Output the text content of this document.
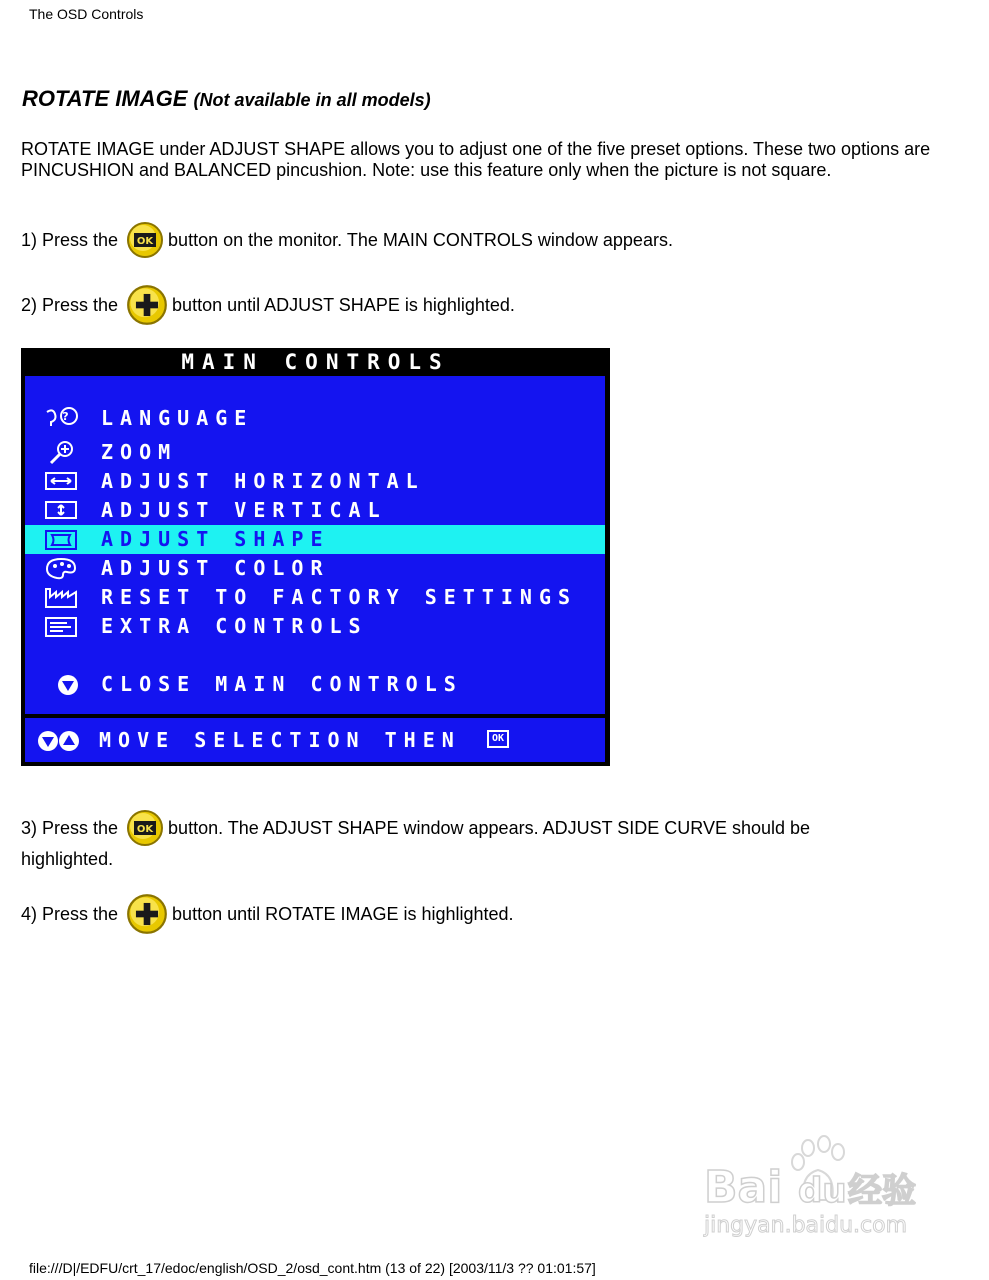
The OSD Controls
ROTATE IMAGE (Not available in all models)
ROTATE IMAGE under ADJUST SHAPE allows you to adjust one of the five preset options. These two options are PINCUSHION and BALANCED pincushion. Note: use this feature only when the picture is not square.
1) Press the OK button on the monitor. The MAIN CONTROLS window appears.
2) Press the	button until ADJUST SHAPE is highlighted.
MAIN CONTROLS
? LANGUAGE
ZOOM
ADJUST HORIZONTAL
ADJUST VERTICAL
ADJUST SHAPE
ADJUST COLOR
RESET TO FACTORY SETTINGS
EXTRA CONTROLS
CLOSE MAIN CONTROLS
MOVE SELECTION THEN	OK
3) Press the OK button. The ADJUST SHAPE window appears. ADJUST SIDE CURVE should be
highlighted.
4) Press the	button until ROTATE IMAGE is highlighted.
Bai du 经验
jingyan.baidu.com
file:///D|/EDFU/crt_17/edoc/english/OSD_2/osd_cont.htm (13 of 22) [2003/11/3 ?? 01:01:57]
